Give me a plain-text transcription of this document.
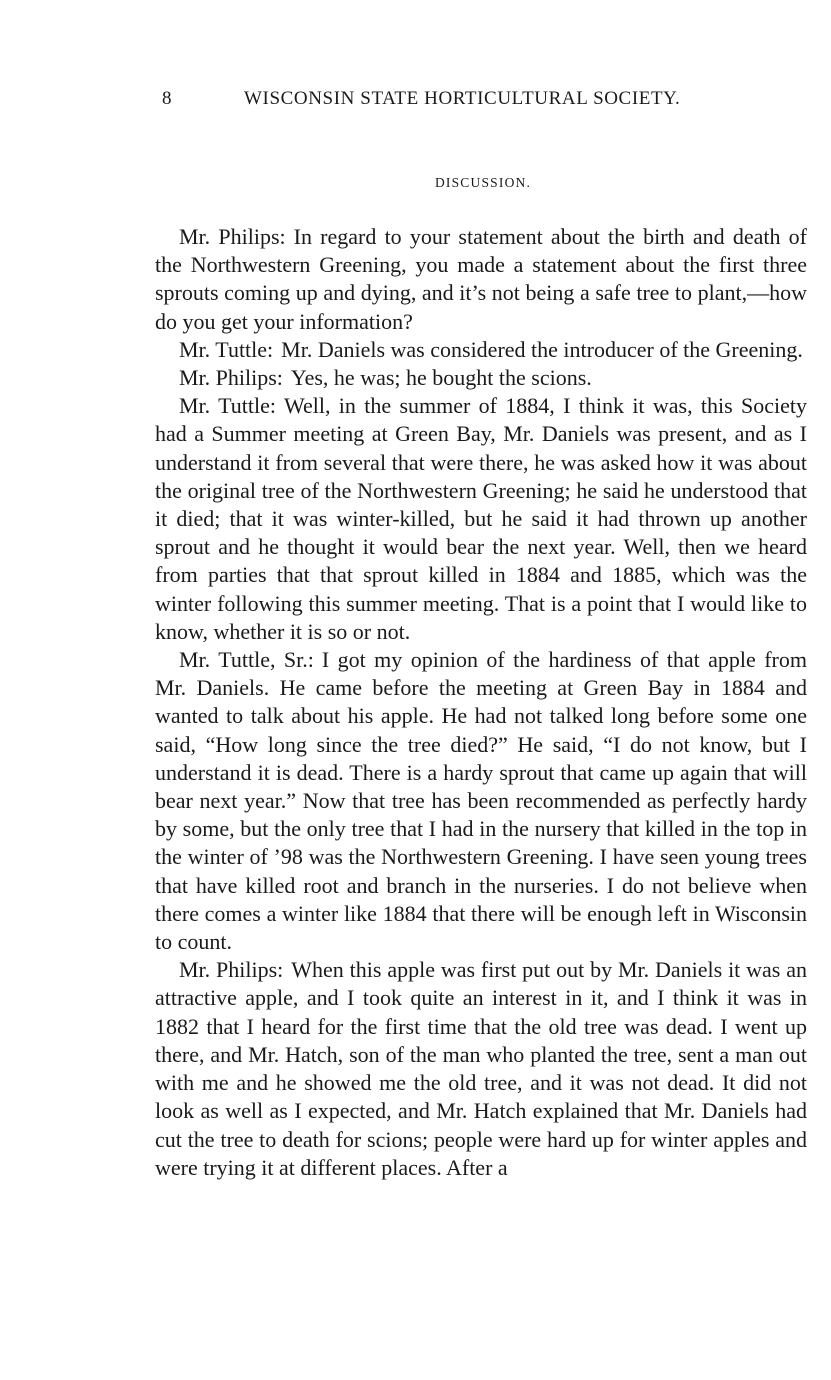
8	WISCONSIN STATE HORTICULTURAL SOCIETY.
DISCUSSION.

Mr. Philips: In regard to your statement about the birth and death of the Northwestern Greening, you made a statement about the first three sprouts coming up and dying, and it’s not being a safe tree to plant,—how do you get your information?

Mr. Tuttle: Mr. Daniels was considered the introducer of the Greening.

Mr. Philips: Yes, he was; he bought the scions.

Mr. Tuttle: Well, in the summer of 1884, I think it was, this Society had a Summer meeting at Green Bay, Mr. Daniels was present, and as I understand it from several that were there, he was asked how it was about the original tree of the Northwestern Greening; he said he understood that it died; that it was winter-killed, but he said it had thrown up another sprout and he thought it would bear the next year. Well, then we heard from parties that that sprout killed in 1884 and 1885, which was the winter following this summer meeting. That is a point that I would like to know, whether it is so or not.

Mr. Tuttle, Sr.: I got my opinion of the hardiness of that apple from Mr. Daniels. He came before the meeting at Green Bay in 1884 and wanted to talk about his apple. He had not talked long before some one said, “How long since the tree died?” He said, “I do not know, but I understand it is dead. There is a hardy sprout that came up again that will bear next year.” Now that tree has been recommended as perfectly hardy by some, but the only tree that I had in the nursery that killed in the top in the winter of ’98 was the Northwestern Greening. I have seen young trees that have killed root and branch in the nurseries. I do not believe when there comes a winter like 1884 that there will be enough left in Wisconsin to count.

Mr. Philips: When this apple was first put out by Mr. Daniels it was an attractive apple, and I took quite an interest in it, and I think it was in 1882 that I heard for the first time that the old tree was dead. I went up there, and Mr. Hatch, son of the man who planted the tree, sent a man out with me and he showed me the old tree, and it was not dead. It did not look as well as I expected, and Mr. Hatch explained that Mr. Daniels had cut the tree to death for scions; people were hard up for winter apples and were trying it at different places. After a
